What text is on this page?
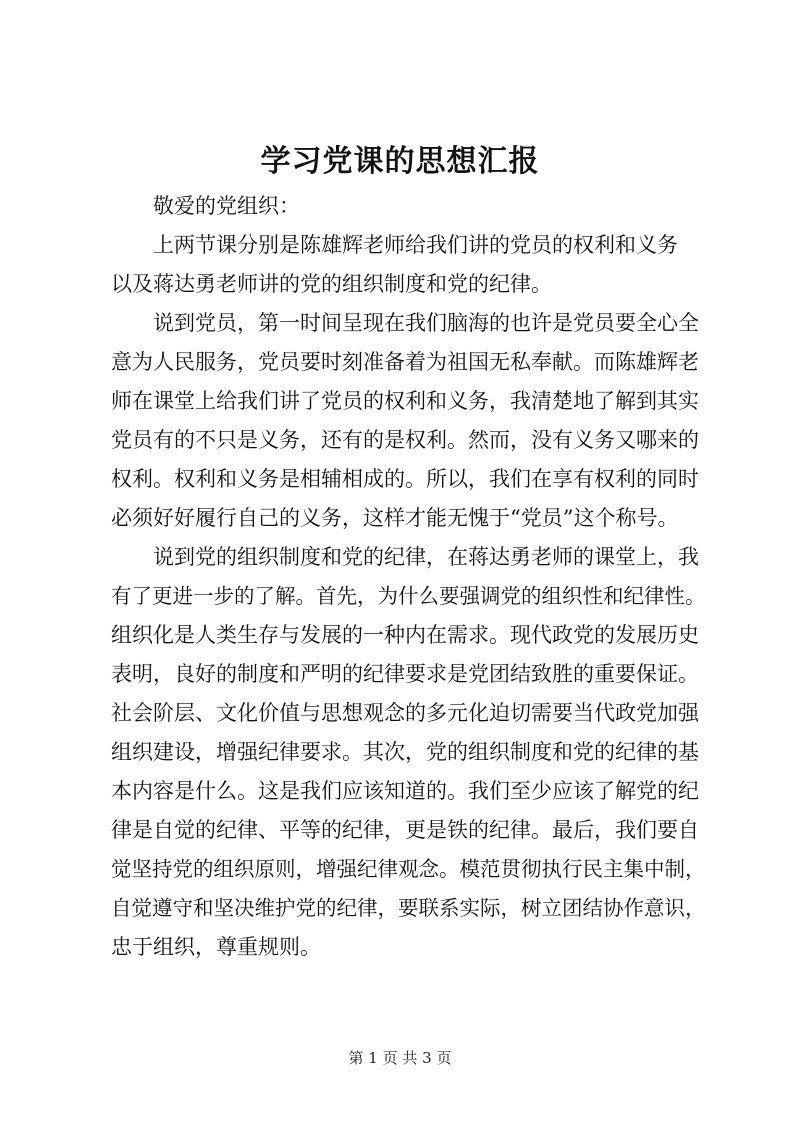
学习党课的思想汇报
敬爱的党组织：
上两节课分别是陈雄辉老师给我们讲的党员的权利和义务
以及蒋达勇老师讲的党的组织制度和党的纪律。
说到党员，第一时间呈现在我们脑海的也许是党员要全心全
意为人民服务，党员要时刻准备着为祖国无私奉献。而陈雄辉老
师在课堂上给我们讲了党员的权利和义务，我清楚地了解到其实
党员有的不只是义务，还有的是权利。然而，没有义务又哪来的
权利。权利和义务是相辅相成的。所以，我们在享有权利的同时
必须好好履行自己的义务，这样才能无愧于“党员”这个称号。
说到党的组织制度和党的纪律，在蒋达勇老师的课堂上，我
有了更进一步的了解。首先，为什么要强调党的组织性和纪律性。
组织化是人类生存与发展的一种内在需求。现代政党的发展历史
表明，良好的制度和严明的纪律要求是党团结致胜的重要保证。
社会阶层、文化价值与思想观念的多元化迫切需要当代政党加强
组织建设，增强纪律要求。其次，党的组织制度和党的纪律的基
本内容是什么。这是我们应该知道的。我们至少应该了解党的纪
律是自觉的纪律、平等的纪律，更是铁的纪律。最后，我们要自
觉坚持党的组织原则，增强纪律观念。模范贯彻执行民主集中制，
自觉遵守和坚决维护党的纪律，要联系实际，树立团结协作意识，
忠于组织，尊重规则。
第 1 页 共 3 页
